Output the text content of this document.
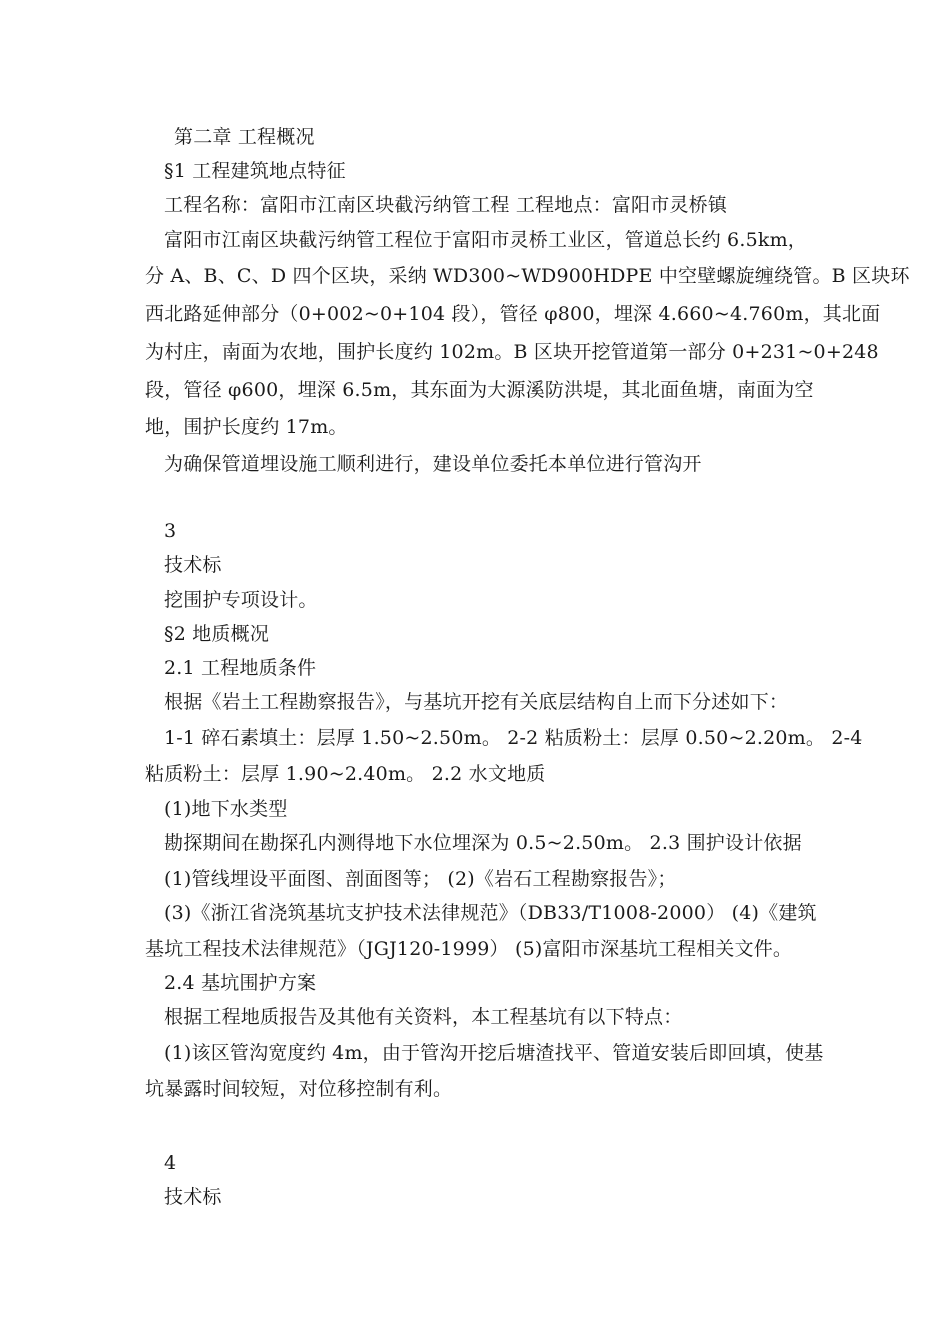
第二章 工程概况
§1 工程建筑地点特征
工程名称：富阳市江南区块截污纳管工程 工程地点：富阳市灵桥镇
富阳市江南区块截污纳管工程位于富阳市灵桥工业区，管道总长约 6.5km，
分 A、B、C、D 四个区块，采纳 WD300~WD900HDPE 中空壁螺旋缠绕管。B 区块环
西北路延伸部分（0+002~0+104 段），管径 φ800，埋深 4.660~4.760m，其北面
为村庄，南面为农地，围护长度约 102m。B 区块开挖管道第一部分 0+231~0+248
段，管径 φ600，埋深 6.5m，其东面为大源溪防洪堤，其北面鱼塘，南面为空
地，围护长度约 17m。
为确保管道埋设施工顺利进行，建设单位委托本单位进行管沟开
3
技术标
挖围护专项设计。
§2 地质概况
2.1 工程地质条件
根据《岩土工程勘察报告》，与基坑开挖有关底层结构自上而下分述如下：
1-1 碎石素填土：层厚 1.50~2.50m。 2-2 粘质粉土：层厚 0.50~2.20m。 2-4
粘质粉土：层厚 1.90~2.40m。 2.2 水文地质
(1)地下水类型
勘探期间在勘探孔内测得地下水位埋深为 0.5~2.50m。 2.3 围护设计依据
(1)管线埋设平面图、剖面图等； (2)《岩石工程勘察报告》；
(3)《浙江省浇筑基坑支护技术法律规范》（DB33/T1008-2000） (4)《建筑
基坑工程技术法律规范》（JGJ120-1999） (5)富阳市深基坑工程相关文件。
2.4 基坑围护方案
根据工程地质报告及其他有关资料，本工程基坑有以下特点：
(1)该区管沟宽度约 4m，由于管沟开挖后塘渣找平、管道安装后即回填，使基
坑暴露时间较短，对位移控制有利。
4
技术标
